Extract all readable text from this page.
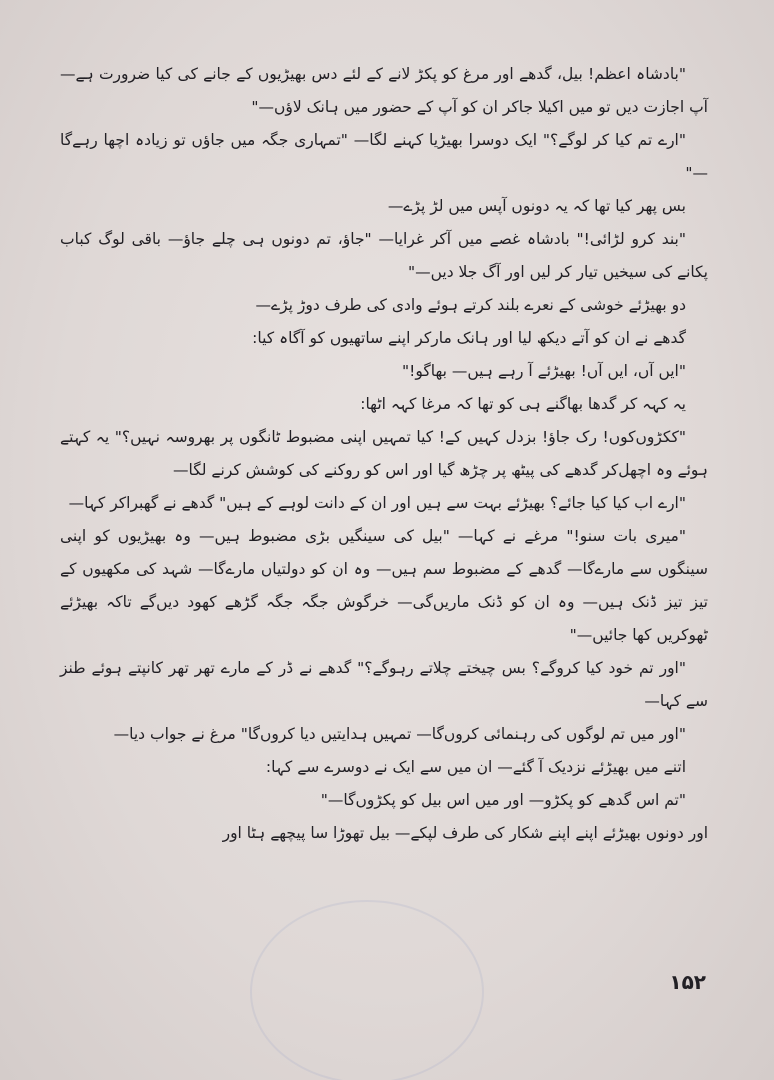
"بادشاہ اعظم! بیل، گدھے اور مرغ کو پکڑ لانے کے لئے دس بھیڑیوں کے جانے کی کیا ضرورت ہے— آپ اجازت دیں تو میں اکیلا جاکر ان کو آپ کے حضور میں ہانک لاؤں—"

"ارے تم کیا کر لوگے؟" ایک دوسرا بھیڑیا کہنے لگا— "تمہاری جگہ میں جاؤں تو زیادہ اچھا رہےگا—"

بس پھر کیا تھا کہ یہ دونوں آپس میں لڑ پڑے—

"بند کرو لڑائی!" بادشاہ غصے میں آکر غرایا— "جاؤ، تم دونوں ہی چلے جاؤ— باقی لوگ کباب پکانے کی سیخیں تیار کر لیں اور آگ جلا دیں—"

دو بھیڑئے خوشی کے نعرے بلند کرتے ہوئے وادی کی طرف دوڑ پڑے—

گدھے نے ان کو آتے دیکھ لیا اور ہانک مارکر اپنے ساتھیوں کو آگاہ کیا:

"ایں آں، ایں آں! بھیڑئے آ رہے ہیں— بھاگو!"

یہ کہہ کر گدھا بھاگنے ہی کو تھا کہ مرغا کہہ اٹھا:

"ککڑوں‌کوں! رک جاؤ! بزدل کہیں کے! کیا تمہیں اپنی مضبوط ٹانگوں پر بھروسہ نہیں؟" یہ کہتے ہوئے وہ اچھل‌کر گدھے کی پیٹھ پر چڑھ گیا اور اس کو روکنے کی کوشش کرنے لگا—

"ارے اب کیا کیا جائے؟ بھیڑئے بہت سے ہیں اور ان کے دانت لوہے کے ہیں" گدھے نے گھبراکر کہا—

"میری بات سنو!" مرغے نے کہا— "بیل کی سینگیں بڑی مضبوط ہیں— وہ بھیڑیوں کو اپنی سینگوں سے مارےگا— گدھے کے مضبوط سم ہیں— وہ ان کو دولتیاں مارےگا— شہد کی مکھیوں کے تیز تیز ڈنک ہیں— وہ ان کو ڈنک ماریں‌گی— خرگوش جگہ جگہ گڑھے کھود دیں‌گے تاکہ بھیڑئے ٹھوکریں کھا جائیں—"

"اور تم خود کیا کروگے؟ بس چیختے چلاتے رہوگے؟" گدھے نے ڈر کے مارے تھر تھر کانپتے ہوئے طنز سے کہا—

"اور میں تم لوگوں کی رہنمائی کروں‌گا— تمہیں ہدایتیں دیا کروں‌گا" مرغ نے جواب دیا—

اتنے میں بھیڑئے نزدیک آ گئے— ان میں سے ایک نے دوسرے سے کہا:

"تم اس گدھے کو پکڑو— اور میں اس بیل کو پکڑوں‌گا—"

اور دونوں بھیڑئے اپنے اپنے شکار کی طرف لپکے— بیل تھوڑا سا پیچھے ہٹا اور

۱۵۲
